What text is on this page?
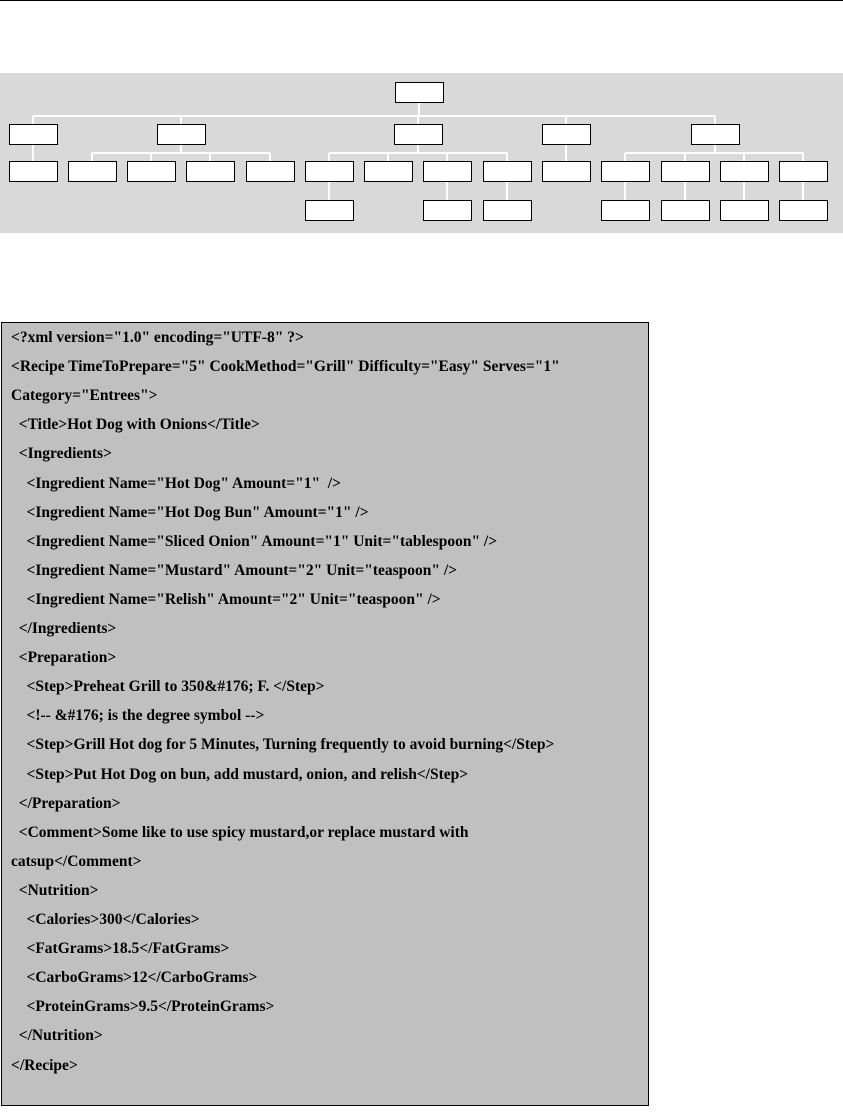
<?xml version="1.0" encoding="UTF-8" ?>
<Recipe TimeToPrepare="5" CookMethod="Grill" Difficulty="Easy" Serves="1"
Category="Entrees">
<Title>Hot Dog with Onions</Title>
<Ingredients>
<Ingredient Name="Hot Dog" Amount="1"  />
<Ingredient Name="Hot Dog Bun" Amount="1" />
<Ingredient Name="Sliced Onion" Amount="1" Unit="tablespoon" />
<Ingredient Name="Mustard" Amount="2" Unit="teaspoon" />
<Ingredient Name="Relish" Amount="2" Unit="teaspoon" />
</Ingredients>
<Preparation>
<Step>Preheat Grill to 350&#176; F. </Step>
<!-- &#176; is the degree symbol -->
<Step>Grill Hot dog for 5 Minutes, Turning frequently to avoid burning</Step>
<Step>Put Hot Dog on bun, add mustard, onion, and relish</Step>
</Preparation>
<Comment>Some like to use spicy mustard,or replace mustard with
catsup</Comment>
<Nutrition>
<Calories>300</Calories>
<FatGrams>18.5</FatGrams>
<CarboGrams>12</CarboGrams>
<ProteinGrams>9.5</ProteinGrams>
</Nutrition>
</Recipe>
